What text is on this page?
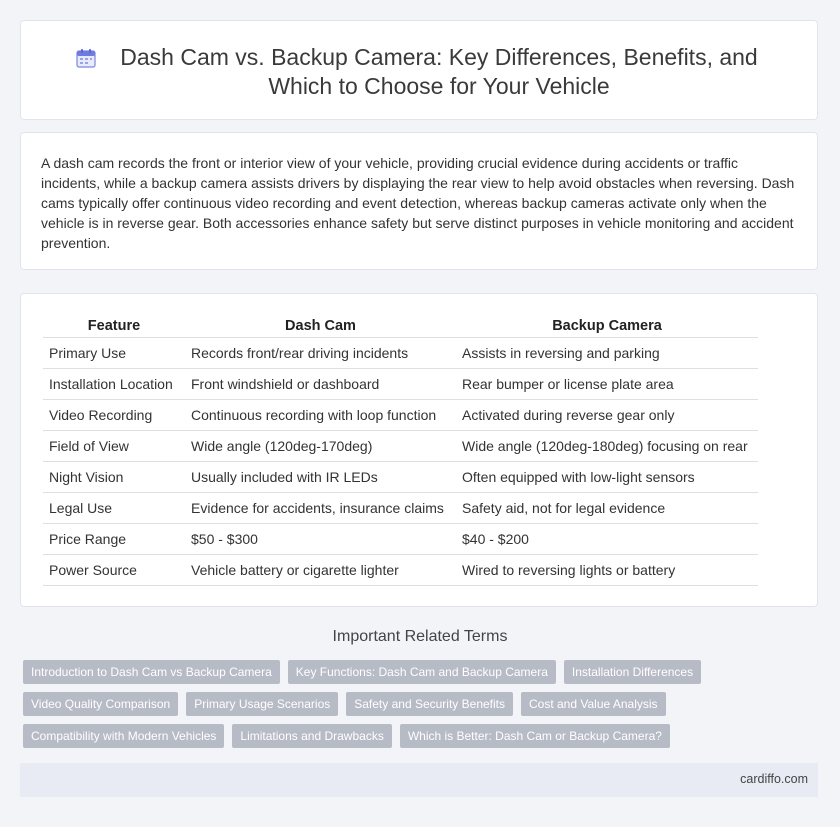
Dash Cam vs. Backup Camera: Key Differences, Benefits, and Which to Choose for Your Vehicle
A dash cam records the front or interior view of your vehicle, providing crucial evidence during accidents or traffic incidents, while a backup camera assists drivers by displaying the rear view to help avoid obstacles when reversing. Dash cams typically offer continuous video recording and event detection, whereas backup cameras activate only when the vehicle is in reverse gear. Both accessories enhance safety but serve distinct purposes in vehicle monitoring and accident prevention.
Feature	Dash Cam	Backup Camera
Primary Use	Records front/rear driving incidents	Assists in reversing and parking
Installation Location	Front windshield or dashboard	Rear bumper or license plate area
Video Recording	Continuous recording with loop function	Activated during reverse gear only
Field of View	Wide angle (120deg-170deg)	Wide angle (120deg-180deg) focusing on rear
Night Vision	Usually included with IR LEDs	Often equipped with low-light sensors
Legal Use	Evidence for accidents, insurance claims	Safety aid, not for legal evidence
Price Range	$50 - $300	$40 - $200
Power Source	Vehicle battery or cigarette lighter	Wired to reversing lights or battery
Important Related Terms
Introduction to Dash Cam vs Backup Camera	Key Functions: Dash Cam and Backup Camera	Installation Differences
Video Quality Comparison	Primary Usage Scenarios	Safety and Security Benefits	Cost and Value Analysis
Compatibility with Modern Vehicles	Limitations and Drawbacks	Which is Better: Dash Cam or Backup Camera?
cardiffo.com
